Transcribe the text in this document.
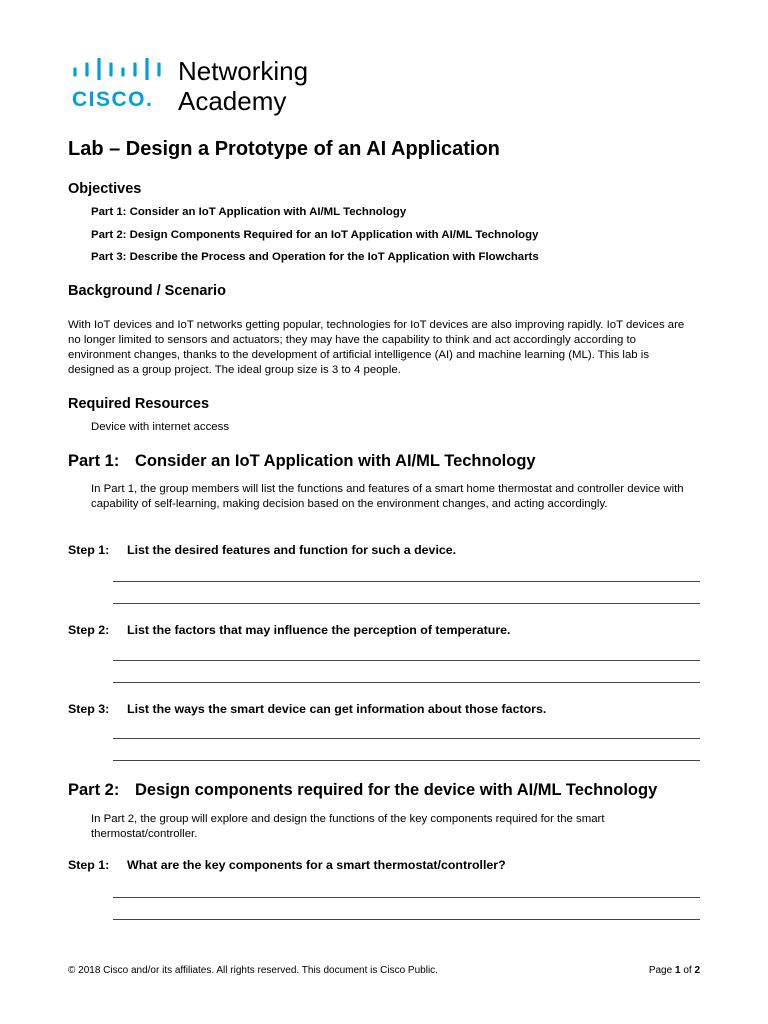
CISCO.
Networking
Academy
Lab – Design a Prototype of an AI Application
Objectives
Part 1: Consider an IoT Application with AI/ML Technology
Part 2: Design Components Required for an IoT Application with AI/ML Technology
Part 3: Describe the Process and Operation for the IoT Application with Flowcharts
Background / Scenario
With IoT devices and IoT networks getting popular, technologies for IoT devices are also improving rapidly. IoT devices are no longer limited to sensors and actuators; they may have the capability to think and act accordingly according to environment changes, thanks to the development of artificial intelligence (AI) and machine learning (ML). This lab is designed as a group project. The ideal group size is 3 to 4 people.
Required Resources
Device with internet access
Part 1: Consider an IoT Application with AI/ML Technology
In Part 1, the group members will list the functions and features of a smart home thermostat and controller device with capability of self-learning, making decision based on the environment changes, and acting accordingly.
Step 1: List the desired features and function for such a device.
Step 2: List the factors that may influence the perception of temperature.
Step 3: List the ways the smart device can get information about those factors.
Part 2: Design components required for the device with AI/ML Technology
In Part 2, the group will explore and design the functions of the key components required for the smart thermostat/controller.
Step 1: What are the key components for a smart thermostat/controller?
© 2018 Cisco and/or its affiliates. All rights reserved. This document is Cisco Public.	Page 1 of 2
